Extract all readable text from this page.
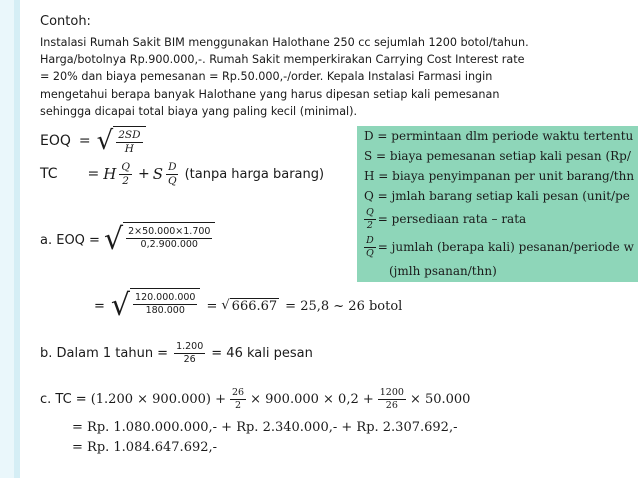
Contoh:
Instalasi Rumah Sakit BIM menggunakan Halothane 250 cc sejumlah 1200 botol/tahun.
Harga/botolnya Rp.900.000,-. Rumah Sakit memperkirakan Carrying Cost Interest rate
= 20% dan biaya pemesanan = Rp.50.000,-/order. Kepala Instalasi Farmasi ingin
mengetahui berapa banyak Halothane yang harus dipesan setiap kali pemesanan
sehingga dicapai total biaya yang paling kecil (minimal).
EOQ = √ $\frac{2SD}{H}$
TC = H $\frac{Q}{2} + S \frac{D}{Q}$ (tanpa harga barang)
D = permintaan dlm periode waktu tertentu
S = biaya pemesanan setiap kali pesan (Rp/
H = biaya penyimpanan per unit barang/thn
Q = jmlah barang setiap kali pesan (unit/pe
$\frac{Q}{2}$ = persediaan rata – rata
$\frac{D}{Q}$ = jumlah (berapa kali) pesanan/periode w
(jmlh psanan/thn)
a. EOQ = √ $\frac{2\times 50.000\times 1.700}{0,2.900.000}$
= √ $\frac{120.000.000}{180.000}$ = √ 666.67 = 25,8 ~ 26 botol
b. Dalam 1 tahun = $\frac{1.200}{26} = 46$ kali pesan
c. TC = $(1.200 \times 900.000) + \frac{26}{2} \times 900.000 \times 0,2 + \frac{1200}{26} \times 50.000$
= Rp. 1.080.000.000,- + Rp. 2.340.000,- + Rp. 2.307.692,-
= Rp. 1.084.647.692,-
